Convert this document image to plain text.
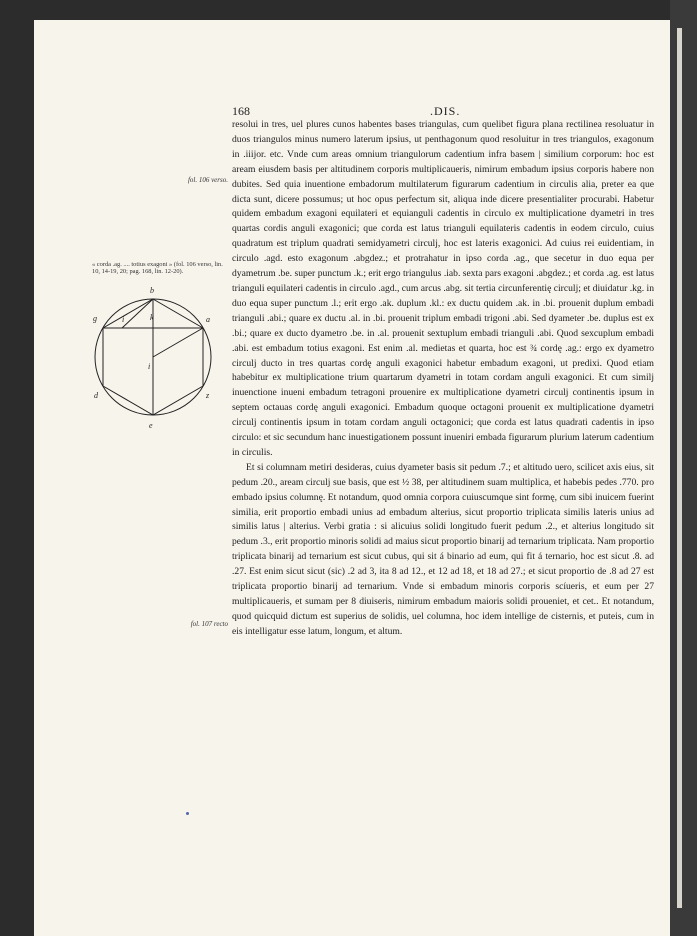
168	.DIS.
fol. 106 verso.
« corda .ag. .... totius exagoni » (fol. 106 verso, lin. 10, 14-19, 20; pag. 168, lin. 12-20).
fol. 107 recto
b
g	i	k	a
i
d	z
e

resolui in tres, uel plures cunos habentes bases triangulas, cum quelibet figura plana rectilinea resoluatur in duos triangulos minus numero laterum ipsius, ut penthagonum quod resoluitur in tres triangulos, exagonum in .iiijor. etc. Vnde cum areas omnium triangulorum cadentium infra basem | similium corporum: hoc est aream eiusdem basis per altitudinem corporis multiplicaueris, nimirum embadum ipsius corporis habere non dubites. Sed quia inuentione embadorum multilaterum figurarum cadentium in circulis alia, preter ea que dicta sunt, dicere possumus; ut hoc opus perfectum sit, aliqua inde dicere presentialiter procurabi. Habetur quidem embadum exagoni equilateri et equianguli cadentis in circulo ex multiplicatione dyametri in tres quartas cordis anguli exagonici; que corda est latus trianguli equilateris cadentis in eodem circulo, cuius quadratum est triplum quadrati semidyametri circulj, hoc est lateris exagonici. Ad cuius rei euidentiam, in circulo .agd. esto exagonum .abgdez.; et protrahatur in ipso corda .ag., que secetur in duo equa per dyametrum .be. super punctum .k.; erit ergo triangulus .iab. sexta pars exagoni .abgdez.; et corda .ag. est latus trianguli equilateri cadentis in circulo .agd., cum arcus .abg. sit tertia circunferentię circulj; et diuidatur .kg. in duo equa super punctum .l.; erit ergo .ak. duplum .kl.: ex ductu quidem .ak. in .bi. prouenit duplum embadi trianguli .abi.; quare ex ductu .al. in .bi. prouenit triplum embadi trigoni .abi. Sed dyameter .be. duplus est ex .bi.; quare ex ducto dyametro .be. in .al. prouenit sextuplum embadi trianguli .abi. Quod sexcuplum embadi .abi. est embadum totius exagoni. Est enim .al. medietas et quarta, hoc est ¾ cordę .ag.: ergo ex dyametro circulj ducto in tres quartas cordę anguli exagonici habetur embadum exagoni, ut predixi. Quod etiam habebitur ex multiplicatione trium quartarum dyametri in totam cordam anguli exagonici. Et cum similj inuenctione inueni embadum tetragoni prouenire ex multiplicatione dyametri circulj continentis ipsum in septem octauas cordę anguli exagonici. Embadum quoque octagoni prouenit ex multiplicatione dyametri circulj continentis ipsum in totam cordam anguli octagonici; que corda est latus quadrati cadentis in ipso circulo: et sic secundum hanc inuestigationem possunt inueniri embada figurarum plurium laterum cadentium in circulis.

Et si columnam metiri desideras, cuius dyameter basis sit pedum .7.; et altitudo uero, scilicet axis eius, sit pedum .20., aream circulj sue basis, que est ½ 38, per altitudinem suam multiplica, et habebis pedes .770. pro embado ipsius columnę. Et notandum, quod omnia corpora cuiuscumque sint formę, cum sibi inuicem fuerint similia, erit proportio embadi unius ad embadum alterius, sicut proportio triplicata similis lateris unius ad similis latus | alterius. Verbi gratia : si alicuius solidi longitudo fuerit pedum .2., et alterius longitudo sit pedum .3., erit proportio minoris solidi ad maius sicut proportio binarij ad ternarium triplicata. Nam proportio triplicata binarij ad ternarium est sicut cubus, qui sit á binario ad eum, qui fit á ternario, hoc est sicut .8. ad .27. Est enim sicut sicut (sic) .2 ad 3, ita 8 ad 12., et 12 ad 18, et 18 ad 27.; et sicut proportio de .8 ad 27 est triplicata proportio binarij ad ternarium. Vnde si embadum minoris corporis scíueris, et eum per 27 multiplicaueris, et sumam per 8 diuiseris, nimirum embadum maioris solidi proueniet, et cet.. Et notandum, quod quicquid dictum est superius de solidis, uel columna, hoc idem intellige de cisternis, et puteis, cum in eis intelligatur esse latum, longum, et altum.
